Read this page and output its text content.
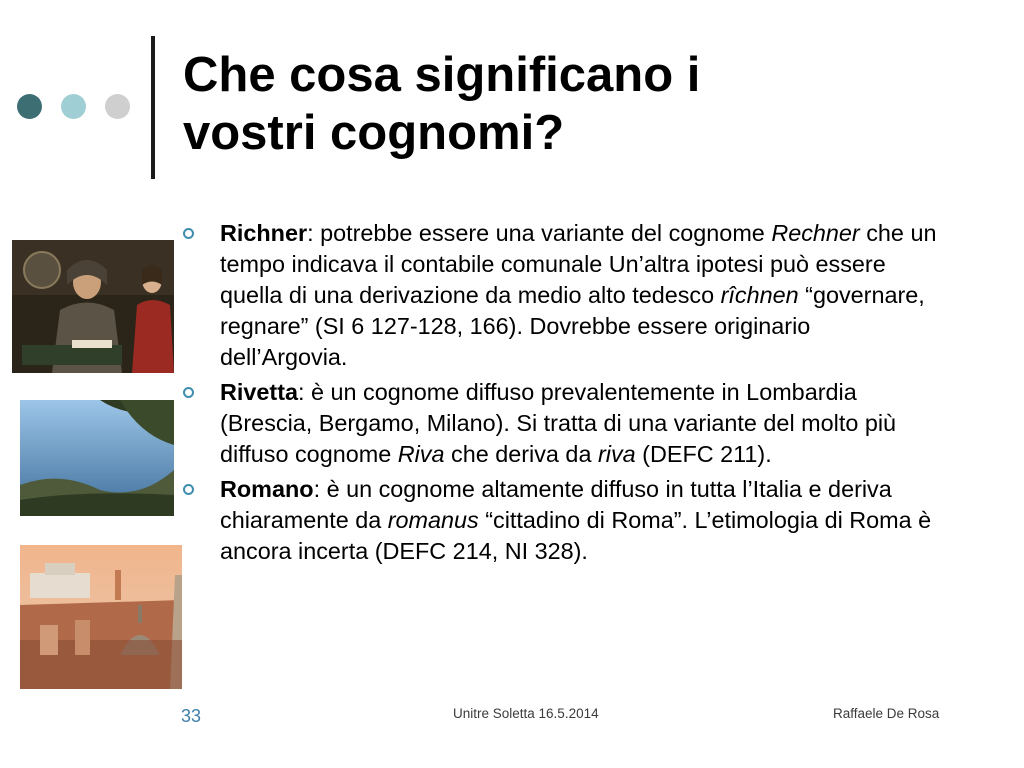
Che cosa significano i
vostri cognomi?
Richner: potrebbe essere una variante del cognome Rechner che un tempo indicava il contabile comunale Un’altra ipotesi può essere quella di una derivazione da medio alto tedesco rîchnen “governare, regnare” (SI 6 127-128, 166). Dovrebbe essere originario dell’Argovia.
Rivetta: è un cognome diffuso prevalentemente in Lombardia (Brescia, Bergamo, Milano). Si tratta di una variante del molto più diffuso cognome Riva che deriva da riva (DEFC 211).
Romano: è un cognome altamente diffuso in tutta l’Italia e deriva chiaramente da romanus “cittadino di Roma”. L’etimologia di Roma è ancora incerta (DEFC 214, NI 328).
33	Unitre Soletta 16.5.2014	Raffaele De Rosa
